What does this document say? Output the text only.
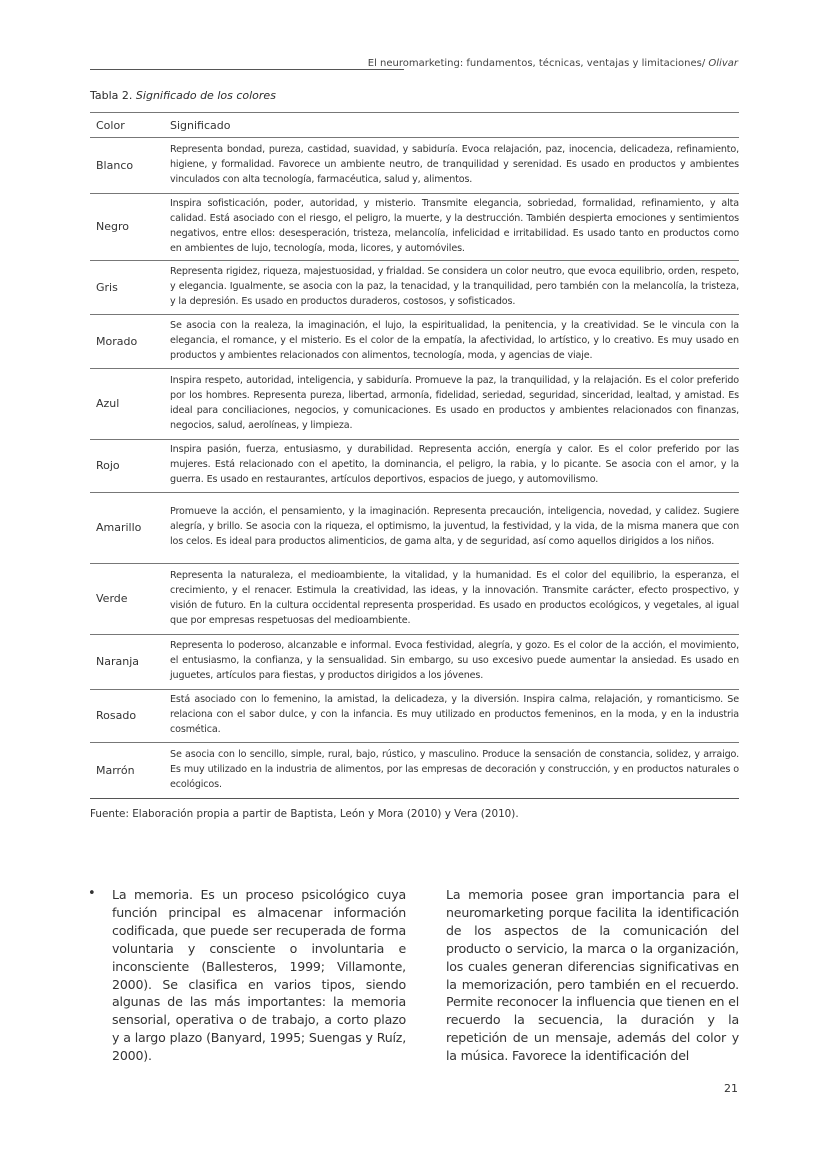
El neuromarketing: fundamentos, técnicas, ventajas y limitaciones/ Olivar
Tabla 2. Significado de los colores
Color	Significado
Blanco	Representa bondad, pureza, castidad, suavidad, y sabiduría. Evoca relajación, paz, inocencia, delicadeza, refinamiento, higiene, y formalidad. Favorece un ambiente neutro, de tranquilidad y serenidad. Es usado en productos y ambientes vinculados con alta tecnología, farmacéutica, salud y, alimentos.
Negro	Inspira sofisticación, poder, autoridad, y misterio. Transmite elegancia, sobriedad, formalidad, refinamiento, y alta calidad. Está asociado con el riesgo, el peligro, la muerte, y la destrucción. También despierta emociones y sentimientos negativos, entre ellos: desesperación, tristeza, melancolía, infelicidad e irritabilidad. Es usado tanto en productos como en ambientes de lujo, tecnología, moda, licores, y automóviles.
Gris	Representa rigidez, riqueza, majestuosidad, y frialdad. Se considera un color neutro, que evoca equilibrio, orden, respeto, y elegancia. Igualmente, se asocia con la paz, la tenacidad, y la tranquilidad, pero también con la melancolía, la tristeza, y la depresión. Es usado en productos duraderos, costosos, y sofisticados.
Morado	Se asocia con la realeza, la imaginación, el lujo, la espiritualidad, la penitencia, y la creatividad. Se le vincula con la elegancia, el romance, y el misterio. Es el color de la empatía, la afectividad, lo artístico, y lo creativo. Es muy usado en productos y ambientes relacionados con alimentos, tecnología, moda, y agencias de viaje.
Azul	Inspira respeto, autoridad, inteligencia, y sabiduría. Promueve la paz, la tranquilidad, y la relajación. Es el color preferido por los hombres. Representa pureza, libertad, armonía, fidelidad, seriedad, seguridad, sinceridad, lealtad, y amistad. Es ideal para conciliaciones, negocios, y comunicaciones. Es usado en productos y ambientes relacionados con finanzas, negocios, salud, aerolíneas, y limpieza.
Rojo	Inspira pasión, fuerza, entusiasmo, y durabilidad. Representa acción, energía y calor. Es el color preferido por las mujeres. Está relacionado con el apetito, la dominancia, el peligro, la rabia, y lo picante. Se asocia con el amor, y la guerra. Es usado en restaurantes, artículos deportivos, espacios de juego, y automovilismo.
Amarillo	Promueve la acción, el pensamiento, y la imaginación. Representa precaución, inteligencia, novedad, y calidez. Sugiere alegría, y brillo. Se asocia con la riqueza, el optimismo, la juventud, la festividad, y la vida, de la misma manera que con los celos. Es ideal para productos alimenticios, de gama alta, y de seguridad, así como aquellos dirigidos a los niños.
Verde	Representa la naturaleza, el medioambiente, la vitalidad, y la humanidad. Es el color del equilibrio, la esperanza, el crecimiento, y el renacer. Estimula la creatividad, las ideas, y la innovación. Transmite carácter, efecto prospectivo, y visión de futuro. En la cultura occidental representa prosperidad. Es usado en productos ecológicos, y vegetales, al igual que por empresas respetuosas del medioambiente.
Naranja	Representa lo poderoso, alcanzable e informal. Evoca festividad, alegría, y gozo. Es el color de la acción, el movimiento, el entusiasmo, la confianza, y la sensualidad. Sin embargo, su uso excesivo puede aumentar la ansiedad. Es usado en juguetes, artículos para fiestas, y productos dirigidos a los jóvenes.
Rosado	Está asociado con lo femenino, la amistad, la delicadeza, y la diversión. Inspira calma, relajación, y romanticismo. Se relaciona con el sabor dulce, y con la infancia. Es muy utilizado en productos femeninos, en la moda, y en la industria cosmética.
Marrón	Se asocia con lo sencillo, simple, rural, bajo, rústico, y masculino. Produce la sensación de constancia, solidez, y arraigo. Es muy utilizado en la industria de alimentos, por las empresas de decoración y construcción, y en productos naturales o ecológicos.
Fuente: Elaboración propia a partir de Baptista, León y Mora (2010) y Vera (2010).
• La memoria. Es un proceso psicológico cuya función principal es almacenar información codificada, que puede ser recuperada de forma voluntaria y consciente o involuntaria e inconsciente (Ballesteros, 1999; Villamonte, 2000). Se clasifica en varios tipos, siendo algunas de las más importantes: la memoria sensorial, operativa o de trabajo, a corto plazo y a largo plazo (Banyard, 1995; Suengas y Ruíz, 2000).

La memoria posee gran importancia para el neuromarketing porque facilita la identificación de los aspectos de la comunicación del producto o servicio, la marca o la organización, los cuales generan diferencias significativas en la memorización, pero también en el recuerdo. Permite reconocer la influencia que tienen en el recuerdo la secuencia, la duración y la repetición de un mensaje, además del color y la música. Favorece la identificación del

21
